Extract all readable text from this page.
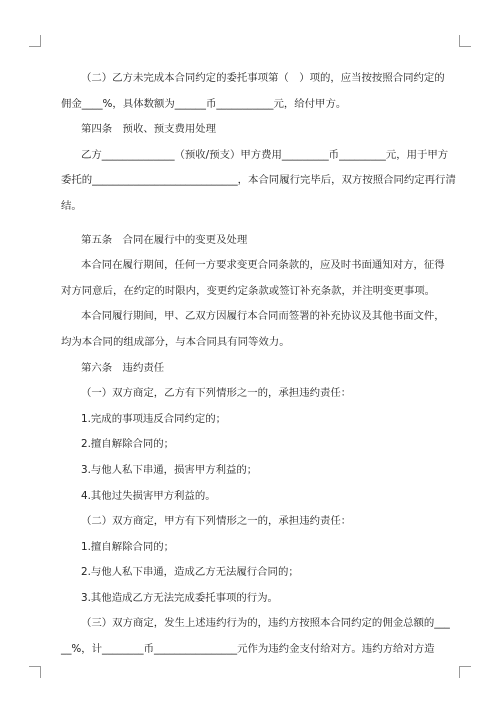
（二）乙方未完成本合同约定的委托事项第（　）项的，应当按按照合同约定的
佣金____%，具体数额为______币___________元，给付甲方。
第四条　预收、预支费用处理
乙方______________（预收/预支）甲方费用_________币_________元，用于甲方
委托的____________________________，本合同履行完毕后，双方按照合同约定再行清
结。
第五条　合同在履行中的变更及处理
本合同在履行期间，任何一方要求变更合同条款的，应及时书面通知对方，征得
对方同意后，在约定的时限内，变更约定条款或签订补充条款，并注明变更事项。
本合同履行期间，甲、乙双方因履行本合同而签署的补充协议及其他书面文件，
均为本合同的组成部分，与本合同具有同等效力。
第六条　违约责任
（一）双方商定，乙方有下列情形之一的，承担违约责任：
1.完成的事项违反合同约定的；
2.擅自解除合同的；
3.与他人私下串通，损害甲方利益的；
4.其他过失损害甲方利益的。
（二）双方商定，甲方有下列情形之一的，承担违约责任：
1.擅自解除合同的；
2.与他人私下串通，造成乙方无法履行合同的；
3.其他造成乙方无法完成委托事项的行为。
（三）双方商定，发生上述违约行为的，违约方按照本合同约定的佣金总额的___
__%，计________币________________元作为违约金支付给对方。违约方给对方造
